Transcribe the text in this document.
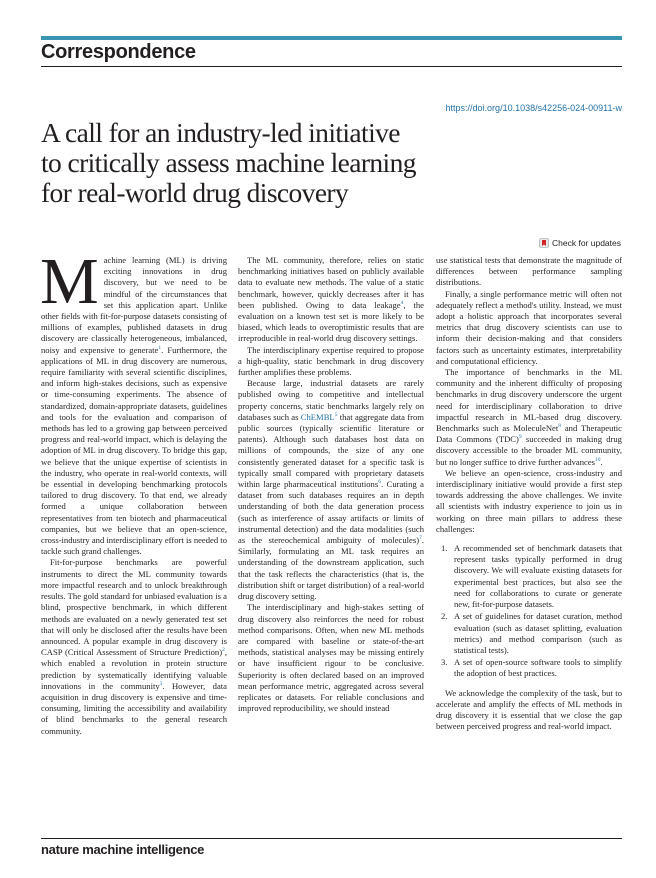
Correspondence
https://doi.org/10.1038/s42256-024-00911-w
A call for an industry-led initiative
to critically assess machine learning
for real-world drug discovery
Check for updates

Machine learning (ML) is driving exciting innovations in drug discovery, but we need to be mindful of the circumstances that set this application apart. Unlike other fields with fit-for-purpose datasets consisting of millions of examples, published datasets in drug discovery are classically heterogeneous, imbalanced, noisy and expensive to generate$^1$. Furthermore, the applications of ML in drug discovery are numerous, require familiarity with several scientific disciplines, and inform high-stakes decisions, such as expensive or time-consuming experiments. The absence of standardized, domain-appropriate datasets, guidelines and tools for the evaluation and comparison of methods has led to a growing gap between perceived progress and real-world impact, which is delaying the adoption of ML in drug discovery. To bridge this gap, we believe that the unique expertise of scientists in the industry, who operate in real-world contexts, will be essential in developing benchmarking protocols tailored to drug discovery. To that end, we already formed a unique collaboration between representatives from ten biotech and pharmaceutical companies, but we believe that an open-science, cross-industry and interdisciplinary effort is needed to tackle such grand challenges.

Fit-for-purpose benchmarks are powerful instruments to direct the ML community towards more impactful research and to unlock breakthrough results. The gold standard for unbiased evaluation is a blind, prospective benchmark, in which different methods are evaluated on a newly generated test set that will only be disclosed after the results have been announced. A popular example in drug discovery is CASP (Critical Assessment of Structure Prediction)$^2$, which enabled a revolution in protein structure prediction by systematically identifying valuable innovations in the community$^3$. However, data acquisition in drug discovery is expensive and time-consuming, limiting the accessibility and availability of blind benchmarks to the general research community.

The ML community, therefore, relies on static benchmarking initiatives based on publicly available data to evaluate new methods. The value of a static benchmark, however, quickly decreases after it has been published. Owing to data leakage$^4$, the evaluation on a known test set is more likely to be biased, which leads to overoptimistic results that are irreproducible in real-world drug discovery settings.

The interdisciplinary expertise required to propose a high-quality, static benchmark in drug discovery further amplifies these problems.

Because large, industrial datasets are rarely published owing to competitive and intellectual property concerns, static benchmarks largely rely on databases such as ChEMBL$^5$ that aggregate data from public sources (typically scientific literature or patents). Although such databases host data on millions of compounds, the size of any one consistently generated dataset for a specific task is typically small compared with proprietary datasets within large pharmaceutical institutions$^6$. Curating a dataset from such databases requires an in depth understanding of both the data generation process (such as interference of assay artifacts or limits of instrumental detection) and the data modalities (such as the stereochemical ambiguity of molecules)$^7$. Similarly, formulating an ML task requires an understanding of the downstream application, such that the task reflects the characteristics (that is, the distribution shift or target distribution) of a real-world drug discovery setting.

The interdisciplinary and high-stakes setting of drug discovery also reinforces the need for robust method comparisons. Often, when new ML methods are compared with baseline or state-of-the-art methods, statistical analyses may be missing entirely or have insufficient rigour to be conclusive. Superiority is often declared based on an improved mean performance metric, aggregated across several replicates or datasets. For reliable conclusions and improved reproducibility, we should instead

use statistical tests that demonstrate the magnitude of differences between performance sampling distributions.

Finally, a single performance metric will often not adequately reflect a method's utility. Instead, we must adopt a holistic approach that incorporates several metrics that drug discovery scientists can use to inform their decision-making and that considers factors such as uncertainty estimates, interpretability and computational efficiency.

The importance of benchmarks in the ML community and the inherent difficulty of proposing benchmarks in drug discovery underscore the urgent need for interdisciplinary collaboration to drive impactful research in ML-based drug discovery. Benchmarks such as MoleculeNet$^8$ and Therapeutic Data Commons (TDC)$^9$ succeeded in making drug discovery accessible to the broader ML community, but no longer suffice to drive further advances$^{10}$.

We believe an open-science, cross-industry and interdisciplinary initiative would provide a first step towards addressing the above challenges. We invite all scientists with industry experience to join us in working on three main pillars to address these challenges:

1. A recommended set of benchmark datasets that represent tasks typically performed in drug discovery. We will evaluate existing datasets for experimental best practices, but also see the need for collaborations to curate or generate new, fit-for-purpose datasets.
2. A set of guidelines for dataset curation, method evaluation (such as dataset splitting, evaluation metrics) and method comparison (such as statistical tests).
3. A set of open-source software tools to simplify the adoption of best practices.

We acknowledge the complexity of the task, but to accelerate and amplify the effects of ML methods in drug discovery it is essential that we close the gap between perceived progress and real-world impact.

nature machine intelligence
